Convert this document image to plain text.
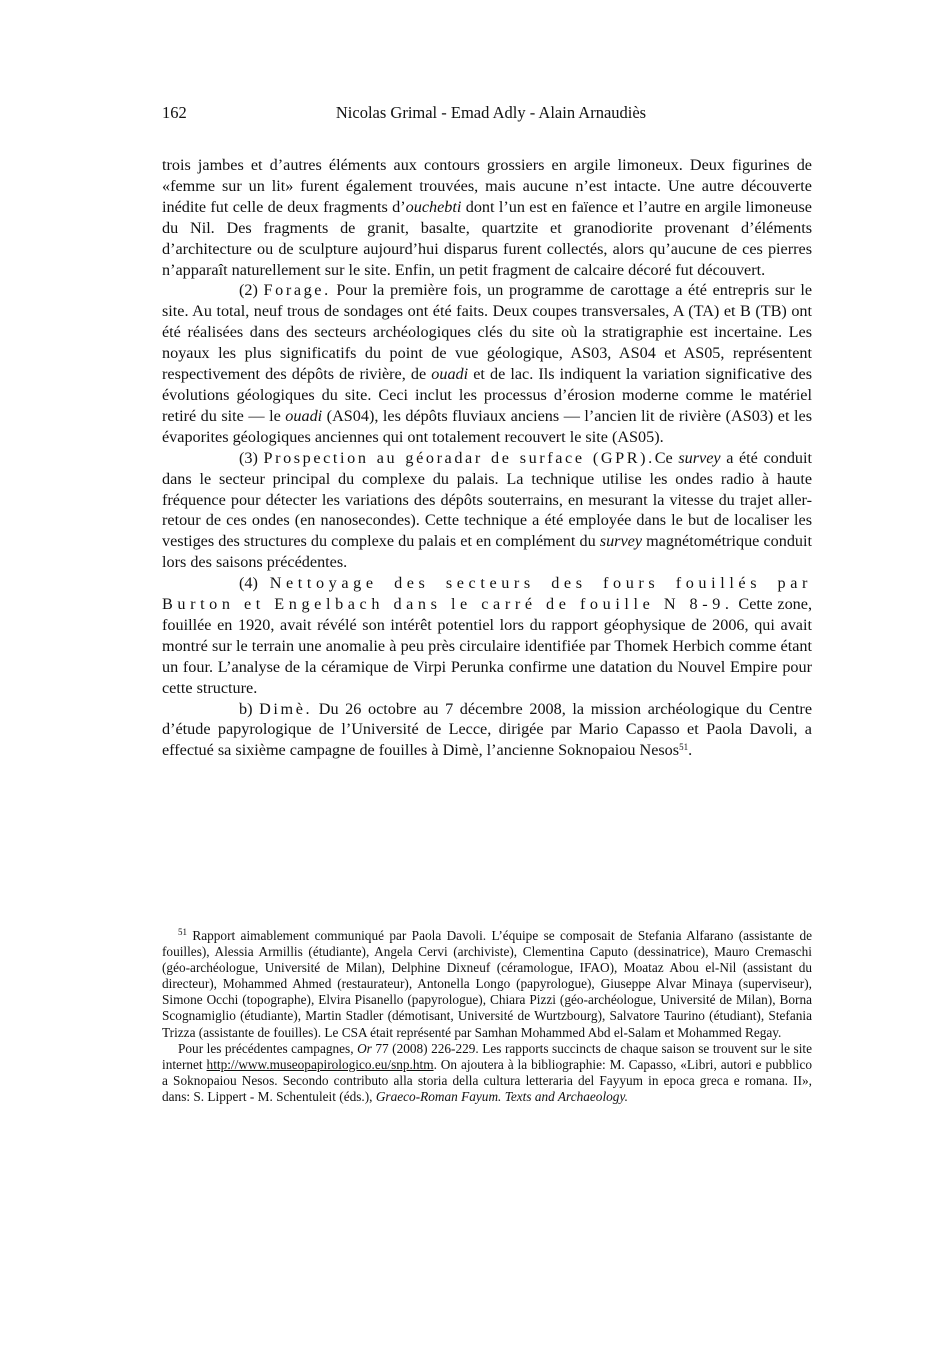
162	Nicolas Grimal - Emad Adly - Alain Arnaudiès

trois jambes et d’autres éléments aux contours grossiers en argile limoneux. Deux figurines de «femme sur un lit» furent également trouvées, mais aucune n’est intacte. Une autre découverte inédite fut celle de deux fragments d’ouchebti dont l’un est en faïence et l’autre en argile limoneuse du Nil. Des fragments de granit, basalte, quartzite et granodiorite provenant d’éléments d’architecture ou de sculpture aujourd’hui disparus furent collectés, alors qu’aucune de ces pierres n’apparaît naturellement sur le site. Enfin, un petit fragment de calcaire décoré fut découvert.

(2) Forage. Pour la première fois, un programme de carottage a été entrepris sur le site. Au total, neuf trous de sondages ont été faits. Deux coupes transversales, A (TA) et B (TB) ont été réalisées dans des secteurs archéologiques clés du site où la stratigraphie est incertaine. Les noyaux les plus significatifs du point de vue géologique, AS03, AS04 et AS05, représentent respectivement des dépôts de rivière, de ouadi et de lac. Ils indiquent la variation significative des évolutions géologiques du site. Ceci inclut les processus d’érosion moderne comme le matériel retiré du site — le ouadi (AS04), les dépôts fluviaux anciens — l’ancien lit de rivière (AS03) et les évaporites géologiques anciennes qui ont totalement recouvert le site (AS05).

(3) Prospection au géoradar de surface (GPR).Ce survey a été conduit dans le secteur principal du complexe du palais. La technique utilise les ondes radio à haute fréquence pour détecter les variations des dépôts souterrains, en mesurant la vitesse du trajet aller-retour de ces ondes (en nanosecondes). Cette technique a été employée dans le but de localiser les vestiges des structures du complexe du palais et en complément du survey magnétométrique conduit lors des saisons précédentes.

(4) Nettoyage des secteurs des fours fouillés par Burton et Engelbach dans le carré de fouille N 8-9. Cette zone, fouillée en 1920, avait révélé son intérêt potentiel lors du rapport géophysique de 2006, qui avait montré sur le terrain une anomalie à peu près circulaire identifiée par Thomek Herbich comme étant un four. L’analyse de la céramique de Virpi Perunka confirme une datation du Nouvel Empire pour cette structure.

b) Dimè. Du 26 octobre au 7 décembre 2008, la mission archéologique du Centre d’étude papyrologique de l’Université de Lecce, dirigée par Mario Capasso et Paola Davoli, a effectué sa sixième campagne de fouilles à Dimè, l’ancienne Soknopaiou Nesos$^{51}$.

$^{51}$ Rapport aimablement communiqué par Paola Davoli. L’équipe se composait de Stefania Alfarano (assistante de fouilles), Alessia Armillis (étudiante), Angela Cervi (archiviste), Clementina Caputo (dessinatrice), Mauro Cremaschi (géo-archéologue, Université de Milan), Delphine Dixneuf (céramologue, IFAO), Moataz Abou el-Nil (assistant du directeur), Mohammed Ahmed (restaurateur), Antonella Longo (papyrologue), Giuseppe Alvar Minaya (superviseur), Simone Occhi (topographe), Elvira Pisanello (papyrologue), Chiara Pizzi (géo-archéologue, Université de Milan), Borna Scognamiglio (étudiante), Martin Stadler (démotisant, Université de Wurtzbourg), Salvatore Taurino (étudiant), Stefania Trizza (assistante de fouilles). Le CSA était représenté par Samhan Mohammed Abd el-Salam et Mohammed Regay.

Pour les précédentes campagnes, Or 77 (2008) 226-229. Les rapports succincts de chaque saison se trouvent sur le site internet http://www.museopapirologico.eu/snp.htm. On ajoutera à la bibliographie: M. Capasso, «Libri, autori e pubblico a Soknopaiou Nesos. Secondo contributo alla storia della cultura letteraria del Fayyum in epoca greca e romana. II», dans: S. Lippert - M. Schentuleit (éds.), Graeco-Roman Fayum. Texts and Archaeology.
